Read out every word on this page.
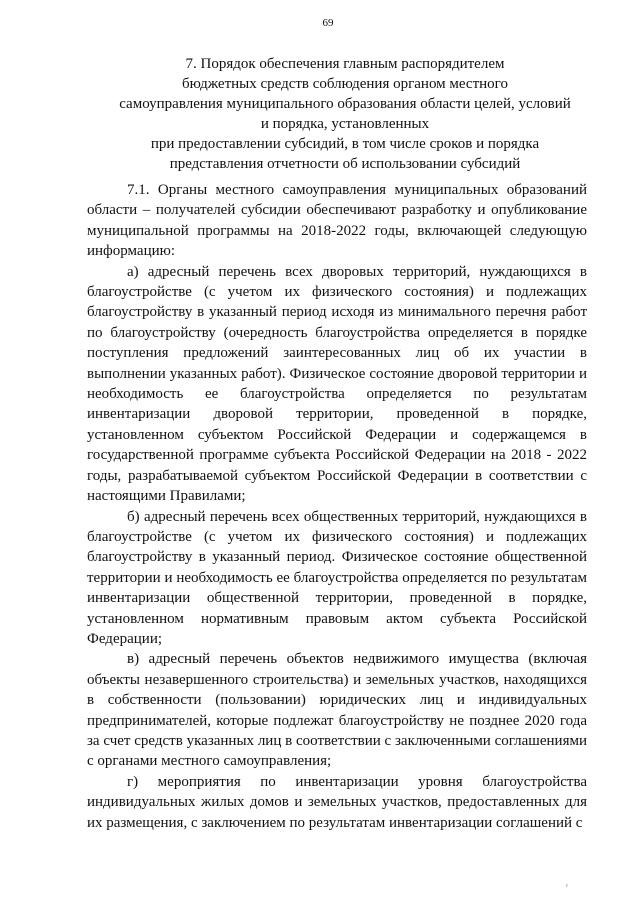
69
7. Порядок обеспечения главным распорядителем
бюджетных средств соблюдения органом местного
самоуправления муниципального образования области целей, условий
и порядка, установленных
при предоставлении субсидий, в том числе сроков и порядка
представления отчетности об использовании субсидий

7.1. Органы местного самоуправления муниципальных образований области – получателей субсидии обеспечивают разработку и опубликование муниципальной программы на 2018-2022 годы, включающей следующую информацию:

а) адресный перечень всех дворовых территорий, нуждающихся в благоустройстве (с учетом их физического состояния) и подлежащих благоустройству в указанный период исходя из минимального перечня работ по благоустройству (очередность благоустройства определяется в порядке поступления предложений заинтересованных лиц об их участии в выполнении указанных работ). Физическое состояние дворовой территории и необходимость ее благоустройства определяется по результатам инвентаризации дворовой территории, проведенной в порядке, установленном субъектом Российской Федерации и содержащемся в государственной программе субъекта Российской Федерации на 2018 - 2022 годы, разрабатываемой субъектом Российской Федерации в соответствии с настоящими Правилами;

б) адресный перечень всех общественных территорий, нуждающихся в благоустройстве (с учетом их физического состояния) и подлежащих благоустройству в указанный период. Физическое состояние общественной территории и необходимость ее благоустройства определяется по результатам инвентаризации общественной территории, проведенной в порядке, установленном нормативным правовым актом субъекта Российской Федерации;

в) адресный перечень объектов недвижимого имущества (включая объекты незавершенного строительства) и земельных участков, находящихся в собственности (пользовании) юридических лиц и индивидуальных предпринимателей, которые подлежат благоустройству не позднее 2020 года за счет средств указанных лиц в соответствии с заключенными соглашениями с органами местного самоуправления;

г) мероприятия по инвентаризации уровня благоустройства индивидуальных жилых домов и земельных участков, предоставленных для их размещения, с заключением по результатам инвентаризации соглашений с

′
